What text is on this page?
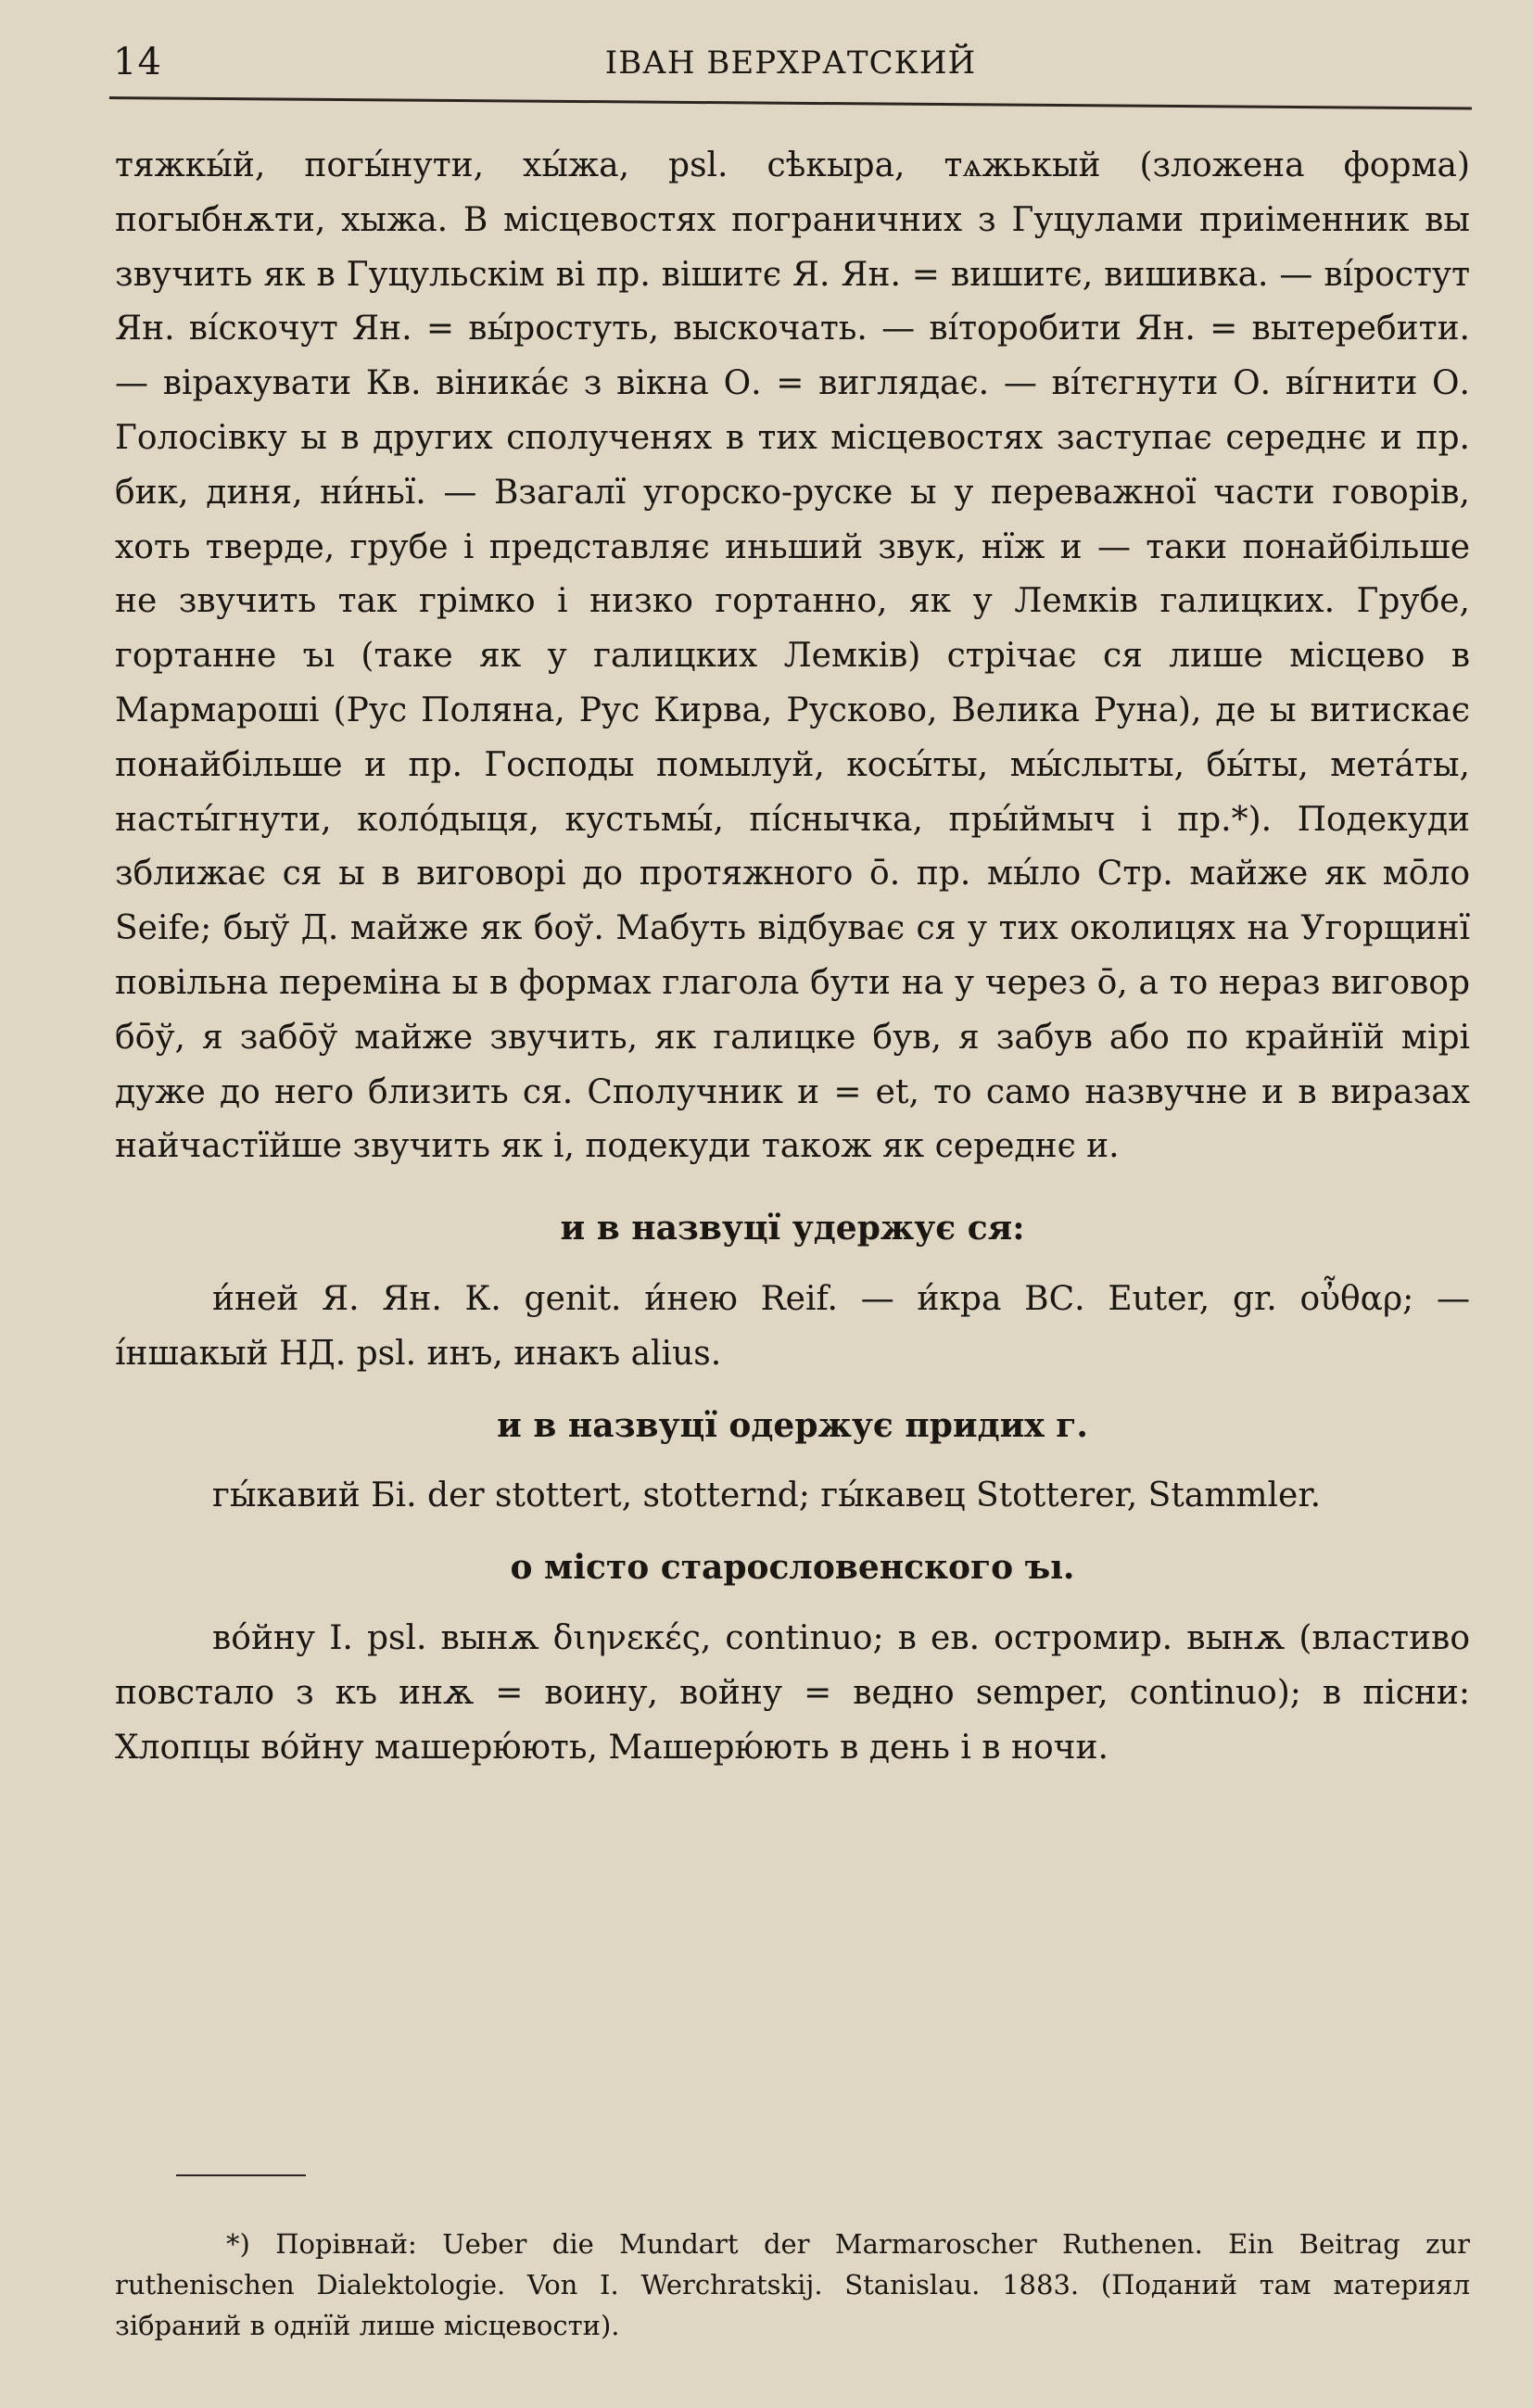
14	ІВАН ВЕРХРАТСКИЙ

тяжкы́й, погы́нути, хы́жа, psl. сѣкыра, тѧжькый (зложена форма) погыбнѫти, хыжа. В місцевостях пограничних з Гуцулами приіменник вы звучить як в Гуцульскім ві пр. вішитє Я. Ян. = вишитє, вишивка. — ві́ростут Ян. ві́скочут Ян. = вы́ростуть, выскочать. — ві́торобити Ян. = вытеребити. — вірахувати Кв. віника́є з вікна О. = виглядає. — ві́тєгнути О. ві́гнити О. Голосівку ы в других сполученях в тих місцевостях заступає середнє и пр. бик, диня, ни́ньї. — Взагалї угорско-руске ы у переважної части говорів, хоть тверде, грубе і представляє иньший звук, нїж и — таки понайбільше не звучить так грімко і низко гортанно, як у Лемків галицких. Грубе, гортанне ъı (таке як у галицких Лемків) стрічає ся лише місцево в Мармароші (Рус Поляна, Рус Кирва, Русково, Велика Руна), де ы витискає понайбільше и пр. Господы помылуй, косы́ты, мы́слыты, бы́ты, мета́ты, насты́гнути, коло́дыця, кустьмы́, пі́снычка, пры́ймыч і пр.*). Подекуди зближає ся ы в виговорі до протяжного ō. пр. мы́ло Стр. майже як мōло Seife; быў Д. майже як боў. Мабуть відбуває ся у тих околицях на Угорщинї повільна переміна ы в формах глагола бути на у через ō, а то нераз виговор бōў, я забōў майже звучить, як галицке був, я забув або по крайнїй мірі дуже до него близить ся. Сполучник и = et, то само назвучне и в виразах найчастїйше звучить як і, подекуди також як середнє и.

и в назвуцї удержує ся:

и́ней Я. Ян. К. genit. и́нею Reif. — и́кра ВС. Euter, gr. οὖθαρ; — і́ншакый НД. psl. инъ, инакъ alius.

и в назвуцї одержує придих г.

гы́кавий Бі. der stottert, stotternd; гы́кавец Stotterer, Stammler.

о місто староcловенского ъı.

во́йну І. psl. вынѫ διηνεκές, continuo; в ев. остромир. вынѫ (властиво повстало з къ инѫ = воину, войну = ведно semper, continuo); в пісни: Хлопцы во́йну машерю́ють, Машерю́ють в день і в ночи.

*) Порівнай: Ueber die Mundart der Marmaroscher Ruthenen. Ein Beitrag zur ruthenischen Dialektologie. Von I. Werchratskij. Stanislau. 1883. (Поданий там материял зібраний в однїй лише місцевости).
